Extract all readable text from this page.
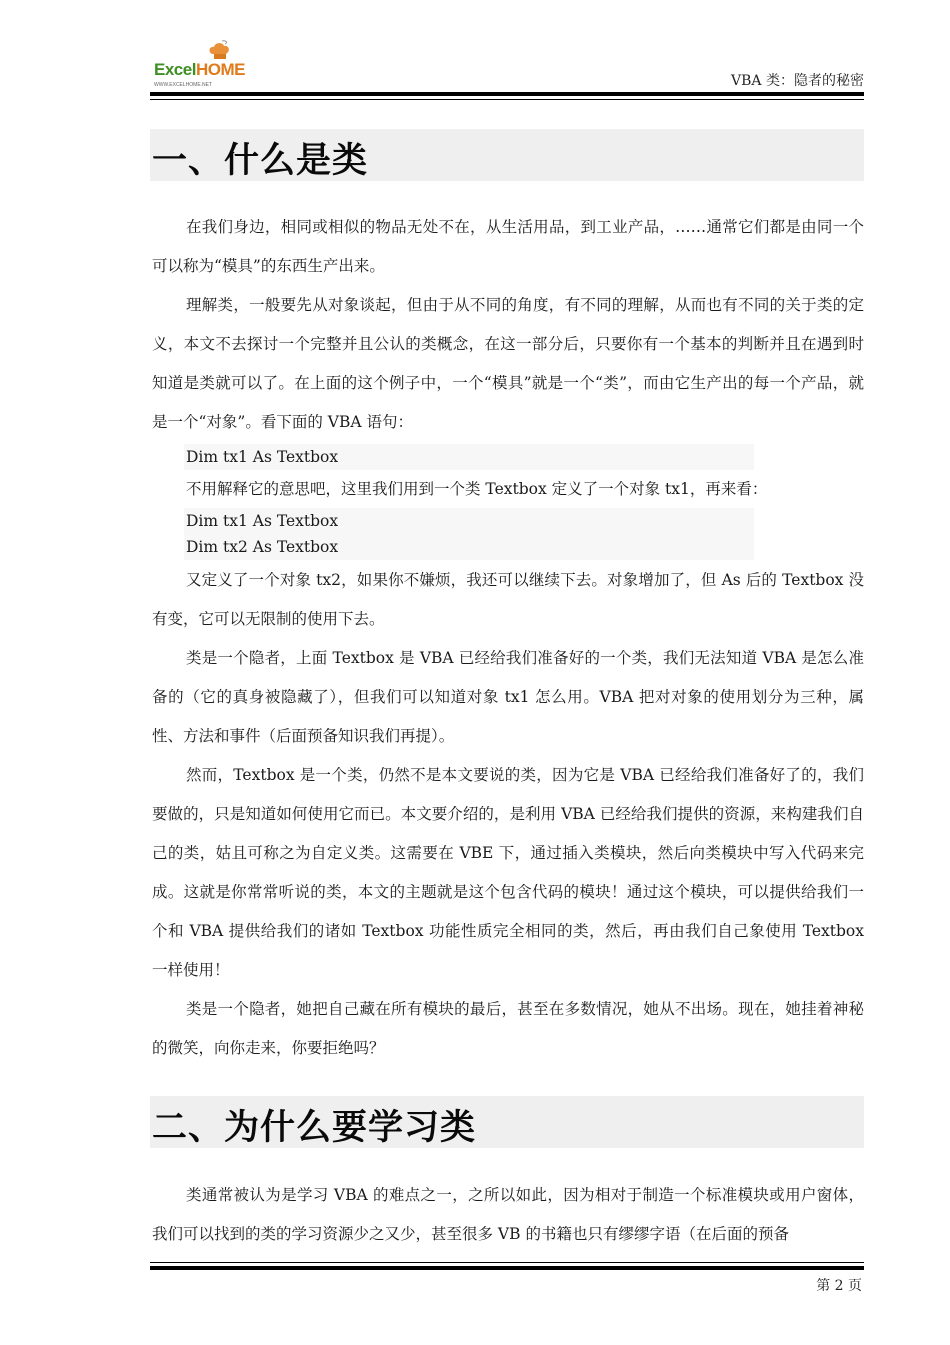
ExcelHOME
WWW.EXCELHOME.NET	VBA 类：隐者的秘密
一、什么是类

在我们身边，相同或相似的物品无处不在，从生活用品，到工业产品，……通常它们都是由同一个可以称为“模具”的东西生产出来。

理解类，一般要先从对象谈起，但由于从不同的角度，有不同的理解，从而也有不同的关于类的定义，本文不去探讨一个完整并且公认的类概念，在这一部分后，只要你有一个基本的判断并且在遇到时知道是类就可以了。在上面的这个例子中，一个“模具”就是一个“类”，而由它生产出的每一个产品，就是一个“对象”。看下面的 VBA 语句：

Dim tx1 As Textbox

不用解释它的意思吧，这里我们用到一个类 Textbox 定义了一个对象 tx1，再来看：

Dim tx1 As Textbox
Dim tx2 As Textbox

又定义了一个对象 tx2，如果你不嫌烦，我还可以继续下去。对象增加了，但 As 后的 Textbox 没有变，它可以无限制的使用下去。

类是一个隐者，上面 Textbox 是 VBA 已经给我们准备好的一个类，我们无法知道 VBA 是怎么准备的（它的真身被隐藏了），但我们可以知道对象 tx1 怎么用。VBA 把对对象的使用划分为三种，属性、方法和事件（后面预备知识我们再提）。

然而，Textbox 是一个类，仍然不是本文要说的类，因为它是 VBA 已经给我们准备好了的，我们要做的，只是知道如何使用它而已。本文要介绍的，是利用 VBA 已经给我们提供的资源，来构建我们自己的类，姑且可称之为自定义类。这需要在 VBE 下，通过插入类模块，然后向类模块中写入代码来完成。这就是你常常听说的类，本文的主题就是这个包含代码的模块！通过这个模块，可以提供给我们一个和 VBA 提供给我们的诸如 Textbox 功能性质完全相同的类，然后，再由我们自己象使用 Textbox 一样使用！

类是一个隐者，她把自己藏在所有模块的最后，甚至在多数情况，她从不出场。现在，她挂着神秘的微笑，向你走来，你要拒绝吗？

二、为什么要学习类

类通常被认为是学习 VBA 的难点之一，之所以如此，因为相对于制造一个标准模块或用户窗体，我们可以找到的类的学习资源少之又少，甚至很多 VB 的书籍也只有缪缪字语（在后面的预备

第 2 页
